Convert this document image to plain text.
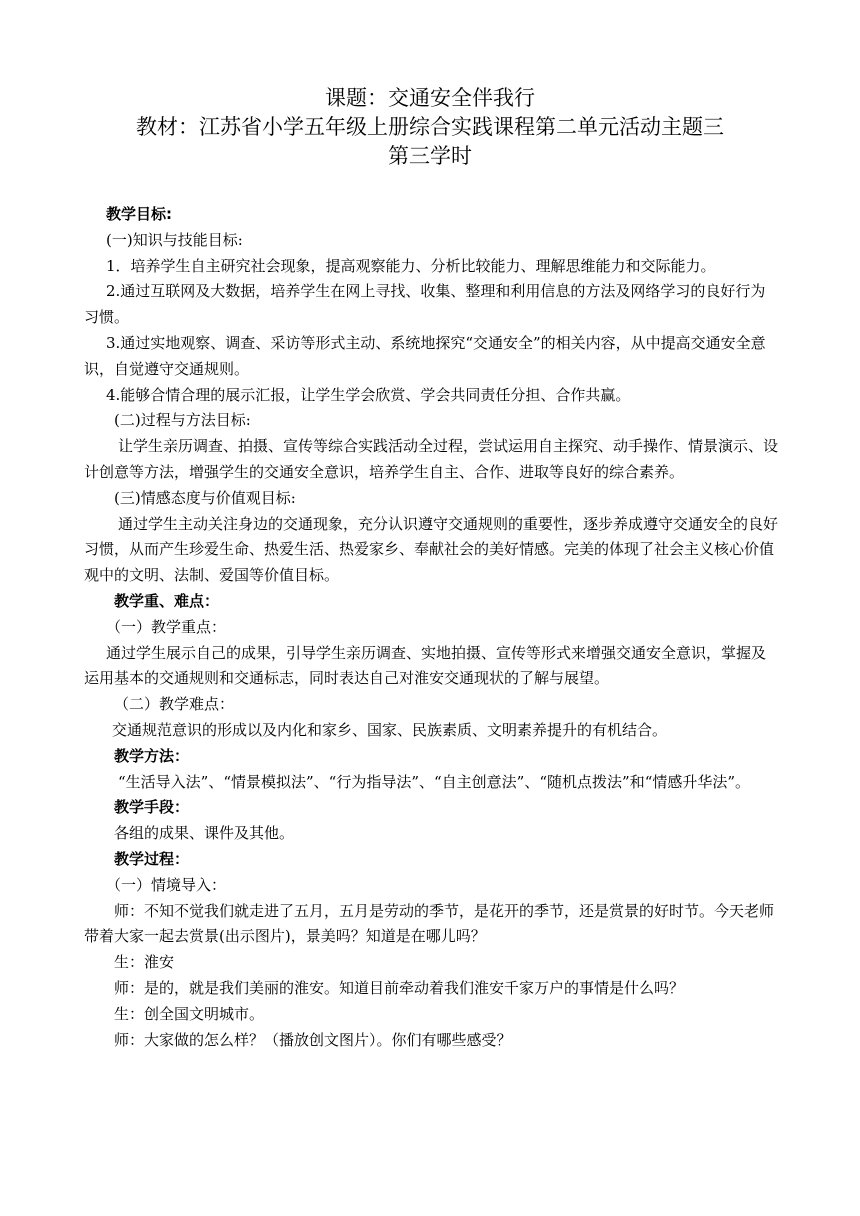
课题：交通安全伴我行

教材：江苏省小学五年级上册综合实践课程第二单元活动主题三

第三学时

教学目标:

(一)知识与技能目标:

1．培养学生自主研究社会现象，提高观察能力、分析比较能力、理解思维能力和交际能力。

2.通过互联网及大数据，培养学生在网上寻找、收集、整理和利用信息的方法及网络学习的良好行为习惯。

3.通过实地观察、调查、采访等形式主动、系统地探究“交通安全”的相关内容，从中提高交通安全意识，自觉遵守交通规则。

4.能够合情合理的展示汇报，让学生学会欣赏、学会共同责任分担、合作共赢。

(二)过程与方法目标:

让学生亲历调查、拍摄、宣传等综合实践活动全过程，尝试运用自主探究、动手操作、情景演示、设计创意等方法，增强学生的交通安全意识，培养学生自主、合作、进取等良好的综合素养。

(三)情感态度与价值观目标:

通过学生主动关注身边的交通现象，充分认识遵守交通规则的重要性，逐步养成遵守交通安全的良好习惯，从而产生珍爱生命、热爱生活、热爱家乡、奉献社会的美好情感。完美的体现了社会主义核心价值观中的文明、法制、爱国等价值目标。

教学重、难点：

（一）教学重点：

通过学生展示自己的成果，引导学生亲历调查、实地拍摄、宣传等形式来增强交通安全意识，掌握及运用基本的交通规则和交通标志，同时表达自己对淮安交通现状的了解与展望。

（二）教学难点：

交通规范意识的形成以及内化和家乡、国家、民族素质、文明素养提升的有机结合。

教学方法：

“生活导入法”、“情景模拟法”、“行为指导法”、“自主创意法”、“随机点拨法”和“情感升华法”。

教学手段：

各组的成果、课件及其他。

教学过程：

（一）情境导入：

师：不知不觉我们就走进了五月，五月是劳动的季节，是花开的季节，还是赏景的好时节。今天老师带着大家一起去赏景(出示图片)，景美吗？知道是在哪儿吗？

生：淮安

师：是的，就是我们美丽的淮安。知道目前牵动着我们淮安千家万户的事情是什么吗？

生：创全国文明城市。

师：大家做的怎么样？（播放创文图片）。你们有哪些感受？
